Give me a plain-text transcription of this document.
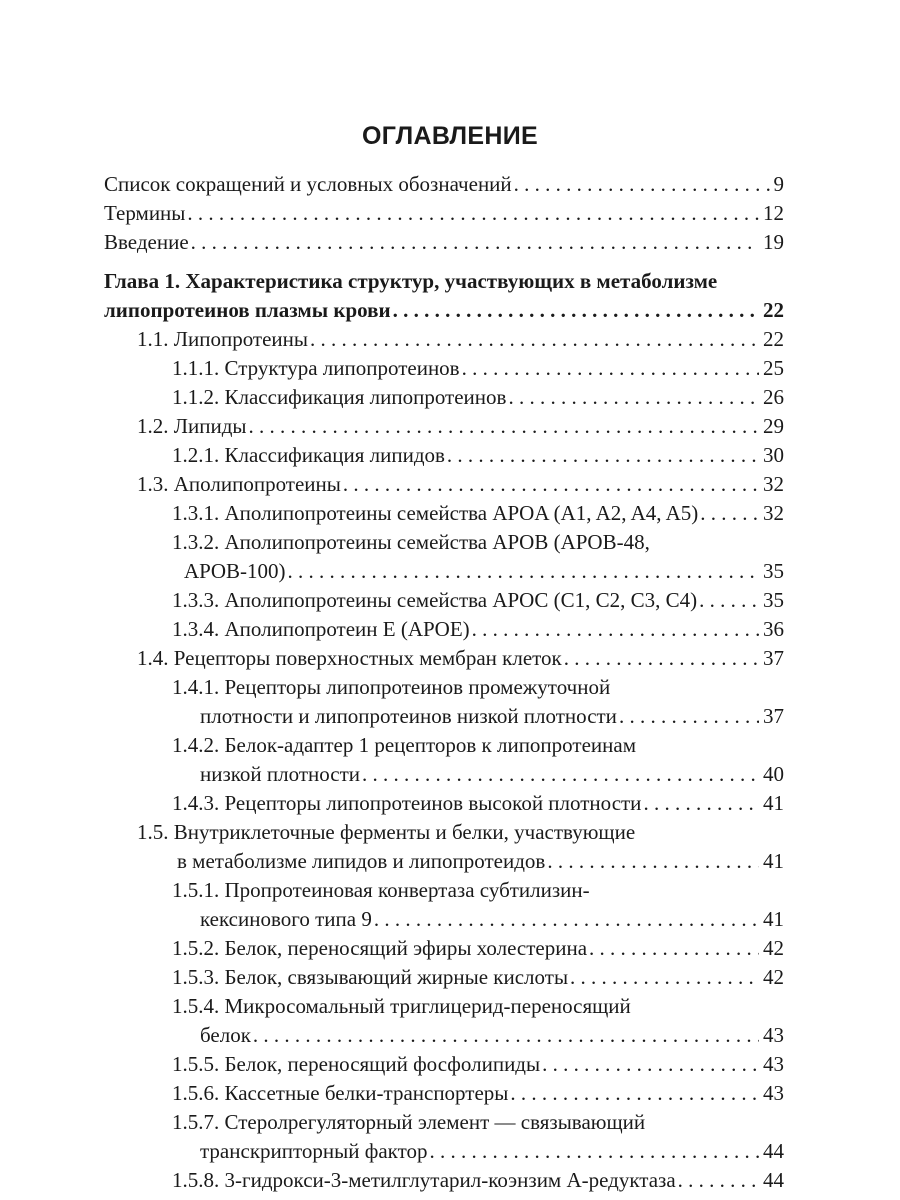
ОГЛАВЛЕНИЕ
Список сокращений и условных обозначений . . .	9
Термины . . .	12
Введение . . .	19
Глава 1. Характеристика структур, участвующих в метаболизме
липопротеинов плазмы крови . . .	22
1.1. Липопротеины . . .	22
1.1.1. Структура липопротеинов . . .	25
1.1.2. Классификация липопротеинов . . .	26
1.2. Липиды . . .	29
1.2.1. Классификация липидов . . .	30
1.3. Аполипопротеины . . .	32
1.3.1. Аполипопротеины семейства APOA (A1, A2, A4, A5) . . .	32
1.3.2. Аполипопротеины семейства APOB (APOB-48,
APOB-100) . . .	35
1.3.3. Аполипопротеины семейства APOC (C1, C2, C3, C4) . . .	35
1.3.4. Аполипопротеин E (APOE) . . .	36
1.4. Рецепторы поверхностных мембран клеток . . .	37
1.4.1. Рецепторы липопротеинов промежуточной
плотности и липопротеинов низкой плотности . . .	37
1.4.2. Белок-адаптер 1 рецепторов к липопротеинам
низкой плотности . . .	40
1.4.3. Рецепторы липопротеинов высокой плотности . . .	41
1.5. Внутриклеточные ферменты и белки, участвующие
в метаболизме липидов и липопротеидов . . .	41
1.5.1. Пропротеиновая конвертаза субтилизин-
кексинового типа 9 . . .	41
1.5.2. Белок, переносящий эфиры холестерина . . .	42
1.5.3. Белок, связывающий жирные кислоты . . .	42
1.5.4. Микросомальный триглицерид-переносящий
белок . . .	43
1.5.5. Белок, переносящий фосфолипиды . . .	43
1.5.6. Кассетные белки-транспортеры . . .	43
1.5.7. Стеролрегуляторный элемент — связывающий
транскрипторный фактор . . .	44
1.5.8. 3-гидрокси-3-метилглутарил-коэнзим А-редуктаза . . .	44
